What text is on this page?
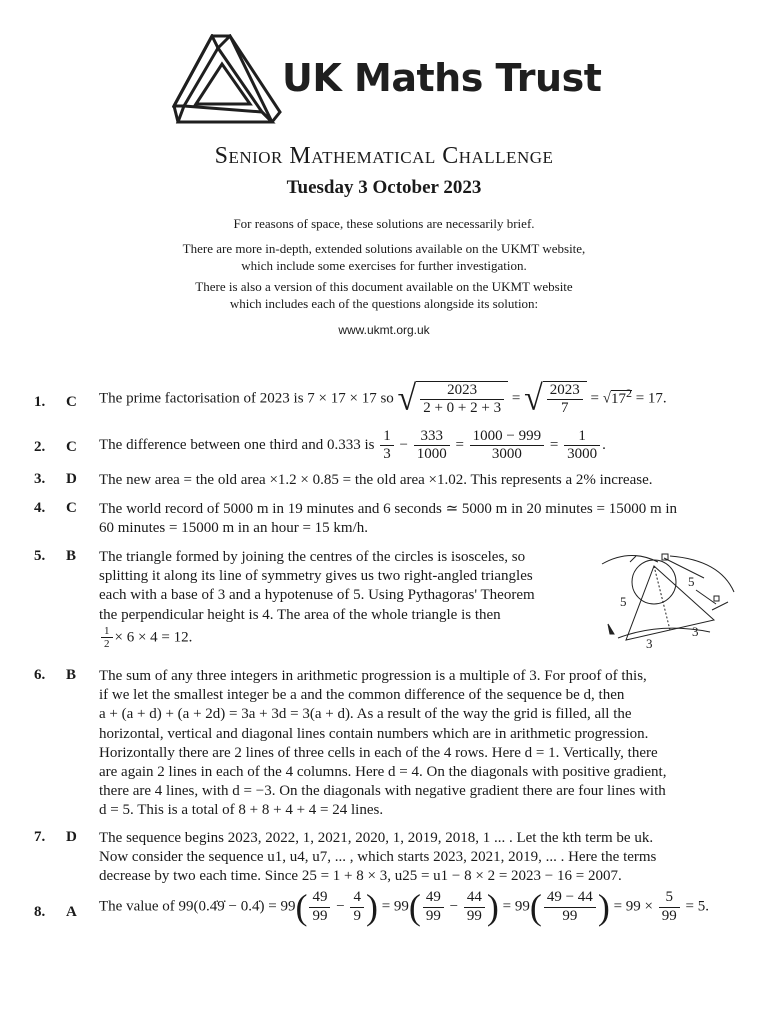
UK Maths Trust
Senior Mathematical Challenge
Tuesday 3 October 2023
For reasons of space, these solutions are necessarily brief.
There are more in-depth, extended solutions available on the UKMT website,
which include some exercises for further investigation.
There is also a version of this document available on the UKMT website
which includes each of the questions alongside its solution:
www.ukmt.org.uk
1. C The prime factorisation of 2023 is 7 × 17 × 17 so √ $\frac{2023}{2 + 0 + 2 + 3}$ = √ $\frac{2023}{7} = √17^2 = 17$.
2. C The difference between one third and 0.333 is $\frac{1}{3} - \frac{333}{1000} = \frac{1000 - 999}{3000} = \frac{1}{3000}$ .
3. D The new area = the old area ×1.2 × 0.85 = the old area ×1.02. This represents a 2% increase.
4. C The world record of 5000 m in 19 minutes and 6 seconds ≃ 5000 m in 20 minutes = 15000 m in
60 minutes = 15000 m in an hour = 15 km/h.
5. B The triangle formed by joining the centres of the circles is isosceles, so
splitting it along its line of symmetry gives us two right-angled triangles
each with a base of 3 and a hypotenuse of 5. Using Pythagoras' Theorem
the perpendicular height is 4. The area of the whole triangle is then

$\frac{1}{2} \times 6 \times 4 = 12$.
5
5
3
3
6. B The sum of any three integers in arithmetic progression is a multiple of 3. For proof of this,
if we let the smallest integer be a and the common difference of the sequence be d, then
a + (a + d) + (a + 2d) = 3a + 3d = 3(a + d). As a result of the way the grid is filled, all the
horizontal, vertical and diagonal lines contain numbers which are in arithmetic progression.
Horizontally there are 2 lines of three cells in each of the 4 rows. Here d = 1. Vertically, there
are again 2 lines in each of the 4 columns. Here d = 4. On the diagonals with positive gradient,
there are 4 lines, with d = −3. On the diagonals with negative gradient there are four lines with
d = 5. This is a total of 8 + 8 + 4 + 4 = 24 lines.
7. D The sequence begins 2023, 2022, 1, 2021, 2020, 1, 2019, 2018, 1 ... . Let the kth term be uk.
Now consider the sequence u1, u4, u7, ... , which starts 2023, 2021, 2019, ... . Here the terms
decrease by two each time. Since 25 = 1 + 8 × 3, u25 = u1 − 8 × 2 = 2023 − 16 = 2007.
8. A The value of 99(0.4̇9̇ − 0.4̇) = $99( \frac{49}{99} - \frac{4}{9}$ ) = $99( \frac{49}{99} - \frac{44}{99}$ ) = $99( \frac{49 - 44}{99}$ ) = $99 \times \frac{5}{99} = 5$.
